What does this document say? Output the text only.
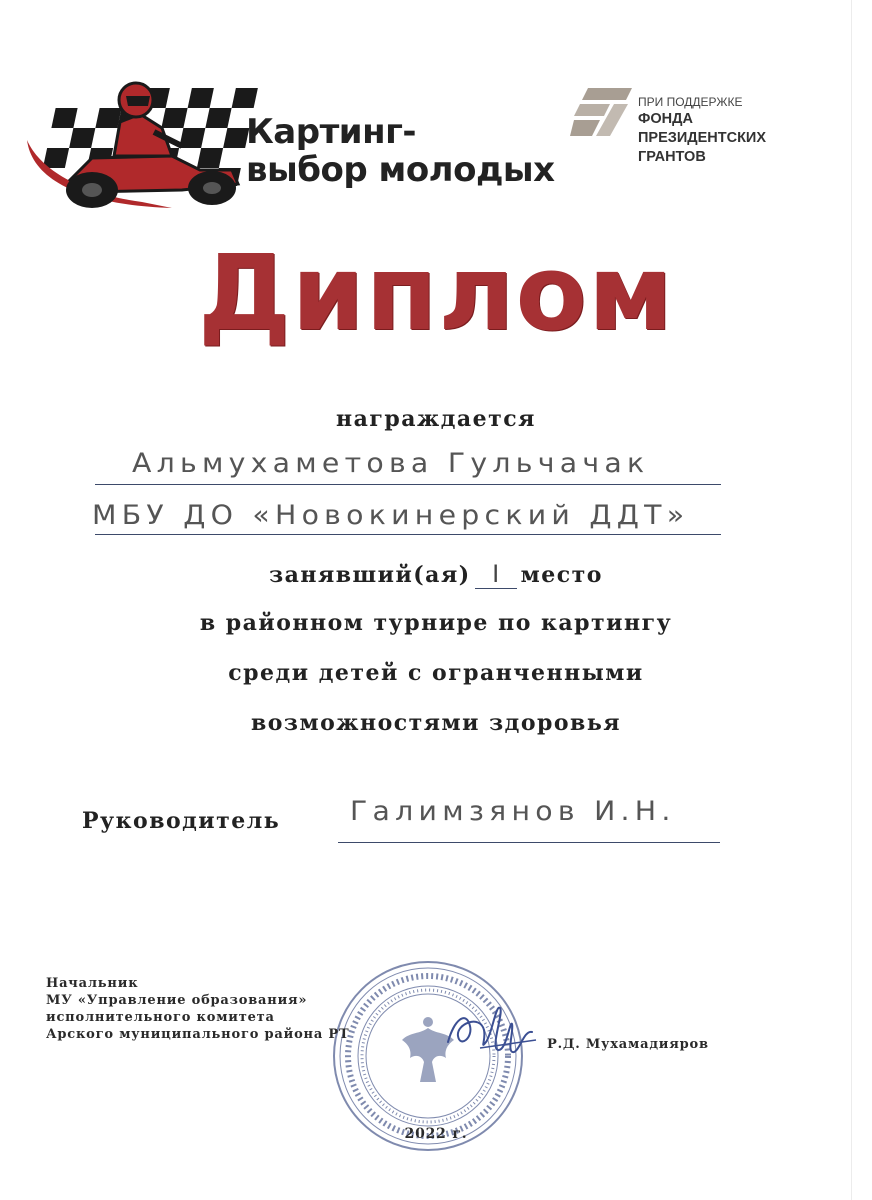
Картинг-
выбор молодых
ПРИ ПОДДЕРЖКЕ
ФОНДА
ПРЕЗИДЕНТСКИХ
ГРАНТОВ
Диплом
награждается
Альмухаметова Гульчачак
МБУ ДО «Новокинерский ДДТ»
занявший(ая) I место
в районном турнире по картингу
среди детей с огранченными
возможностями здоровья
Руководитель	Галимзянов И.Н.
Начальник
МУ «Управление образования»
исполнительного комитета
Арского муниципального района РТ
Р.Д. Мухамадияров
2022 г.
